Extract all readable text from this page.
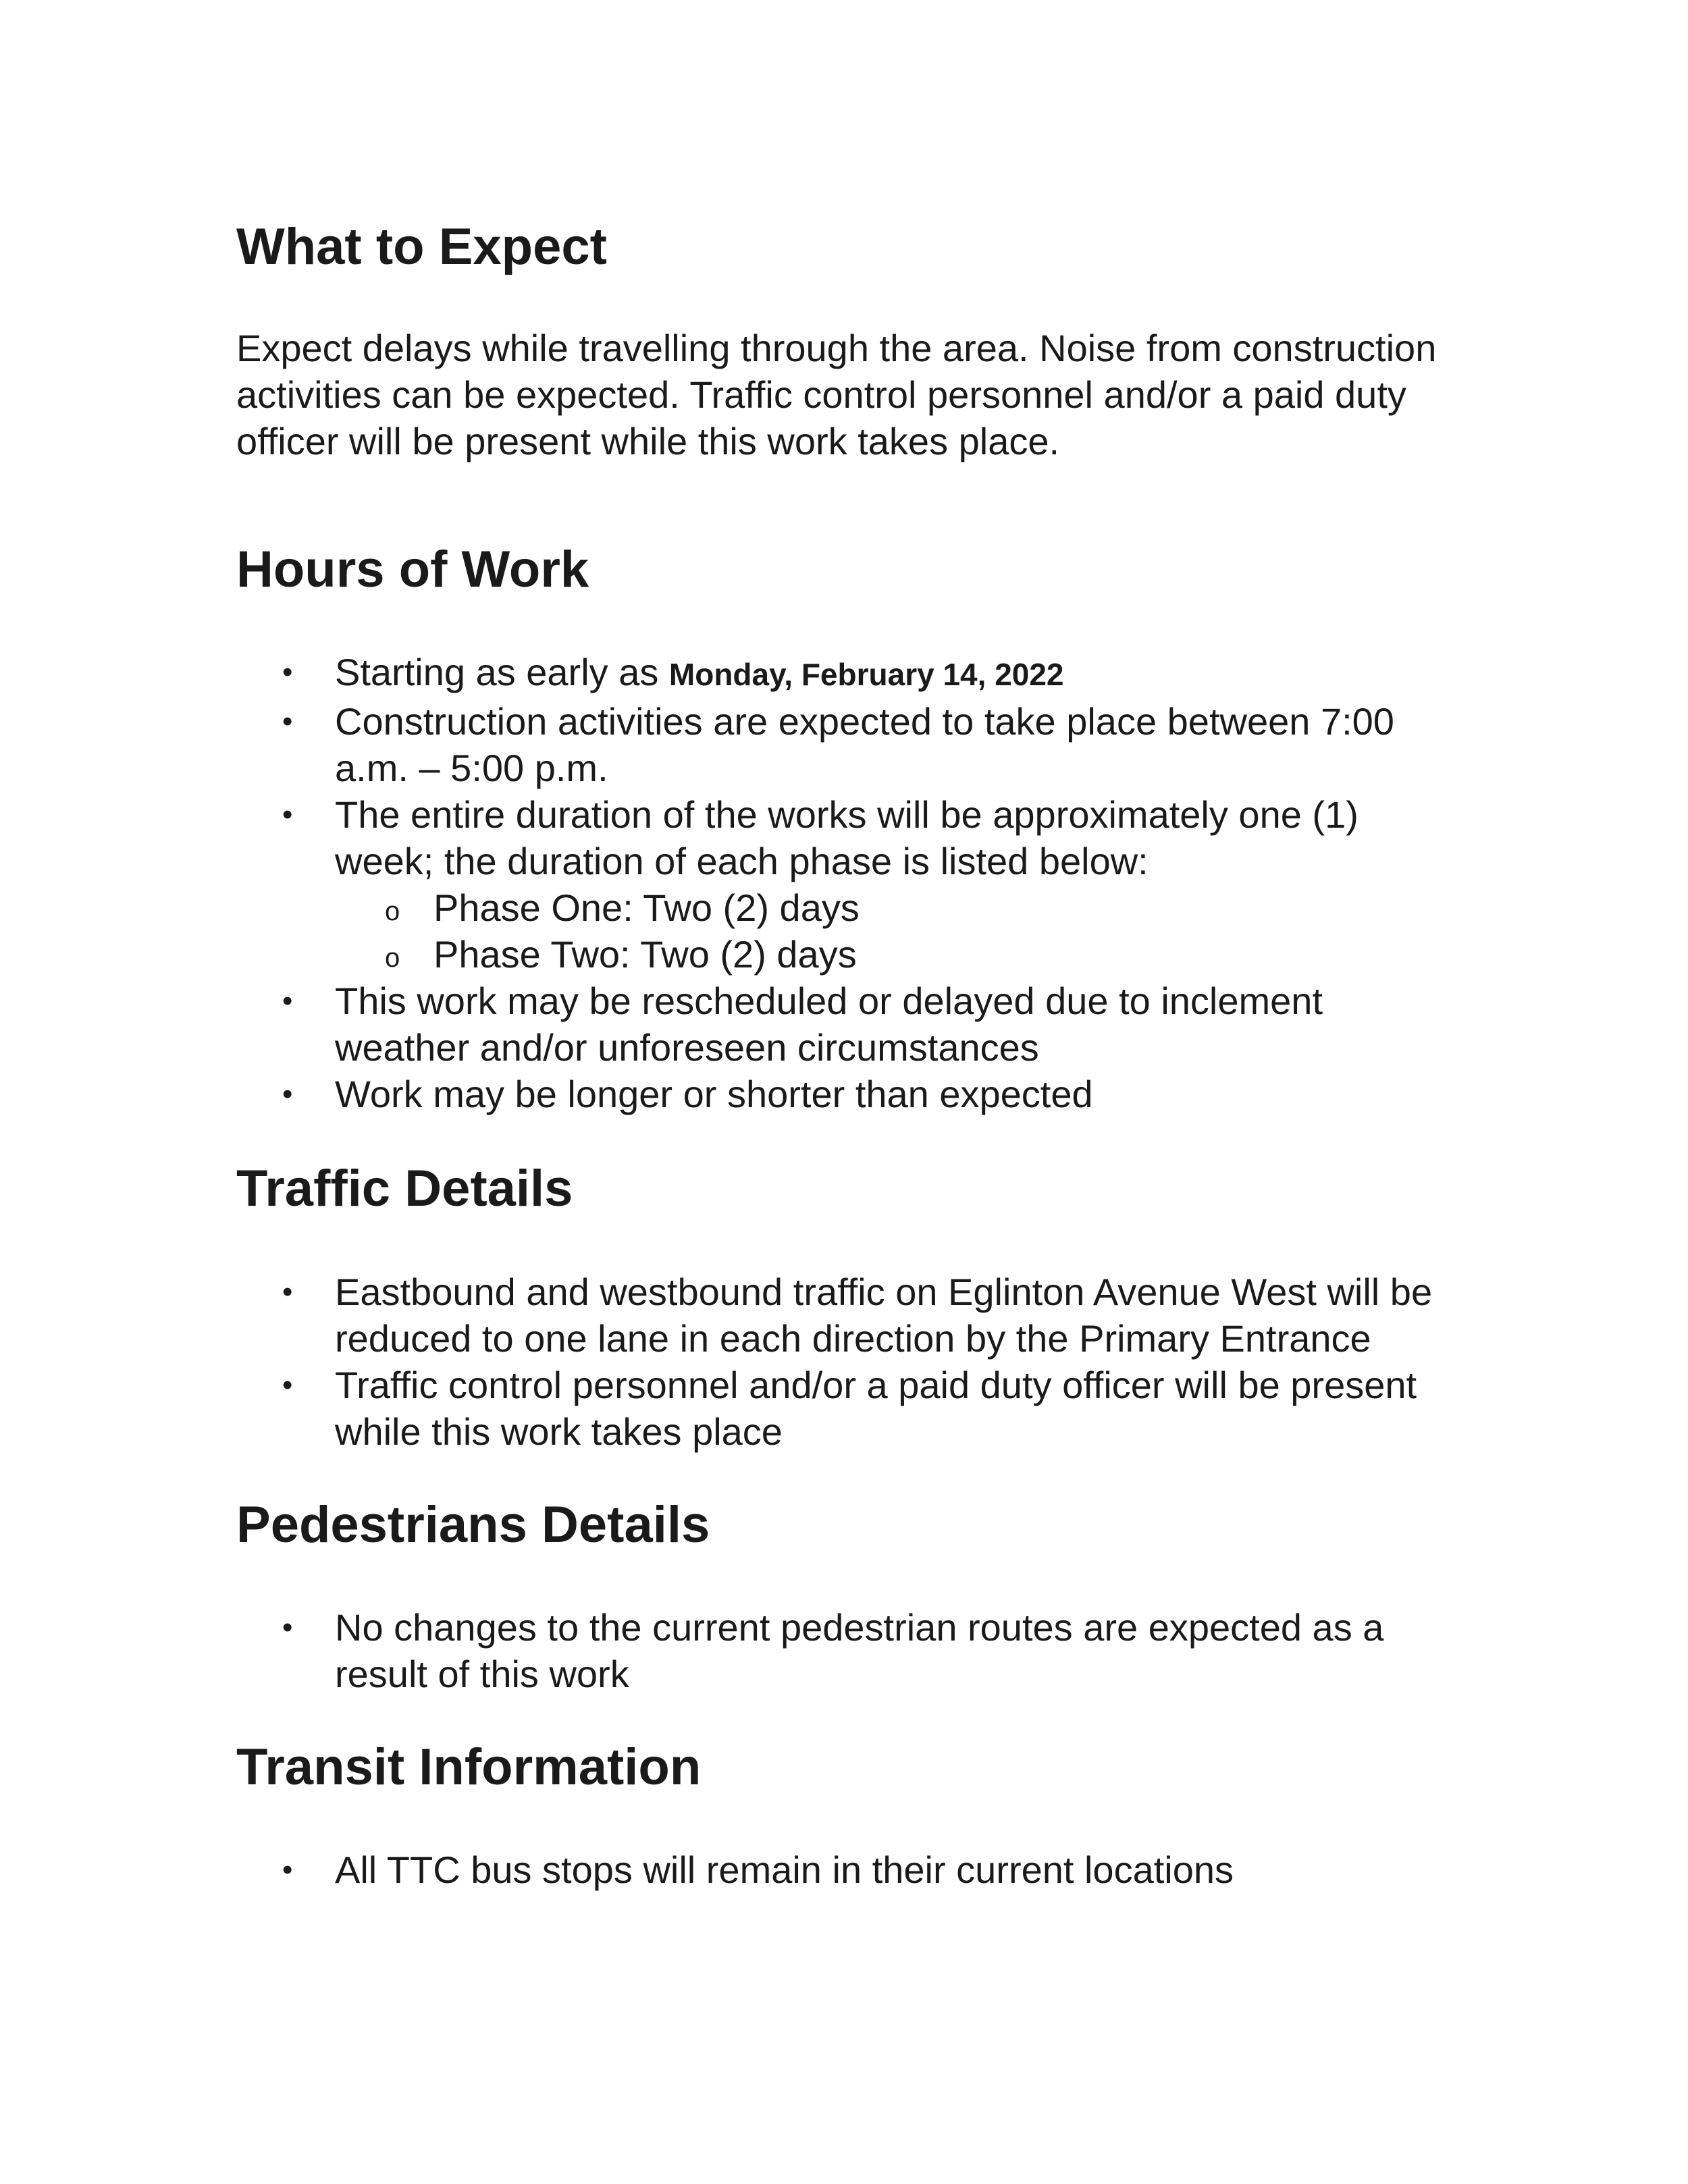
What to Expect

Expect delays while travelling through the area. Noise from construction activities can be expected. Traffic control personnel and/or a paid duty officer will be present while this work takes place.

Hours of Work
• Starting as early as Monday, February 14, 2022
• Construction activities are expected to take place between 7:00 a.m. – 5:00 p.m.
• The entire duration of the works will be approximately one (1) week; the duration of each phase is listed below:
o Phase One: Two (2) days
o Phase Two: Two (2) days
• This work may be rescheduled or delayed due to inclement weather and/or unforeseen circumstances
• Work may be longer or shorter than expected
Traffic Details
• Eastbound and westbound traffic on Eglinton Avenue West will be reduced to one lane in each direction by the Primary Entrance
• Traffic control personnel and/or a paid duty officer will be present while this work takes place
Pedestrians Details
• No changes to the current pedestrian routes are expected as a result of this work
Transit Information
• All TTC bus stops will remain in their current locations
